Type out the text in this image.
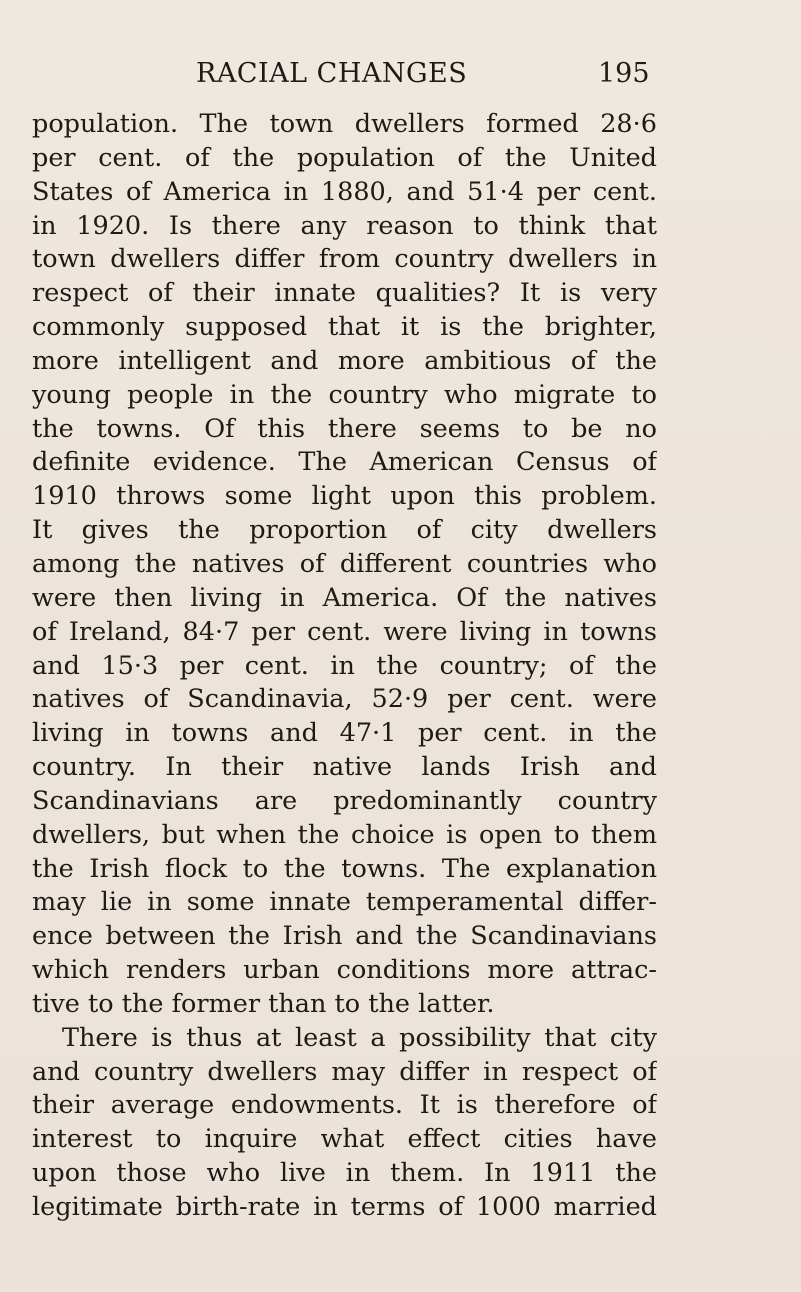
RACIAL CHANGES	195
population. The town dwellers formed 28·6
per cent. of the population of the United
States of America in 1880, and 51·4 per cent.
in 1920. Is there any reason to think that
town dwellers differ from country dwellers in
respect of their innate qualities? It is very
commonly supposed that it is the brighter,
more intelligent and more ambitious of the
young people in the country who migrate to
the towns. Of this there seems to be no
definite evidence. The American Census of
1910 throws some light upon this problem.
It gives the proportion of city dwellers
among the natives of different countries who
were then living in America. Of the natives
of Ireland, 84·7 per cent. were living in towns
and 15·3 per cent. in the country; of the
natives of Scandinavia, 52·9 per cent. were
living in towns and 47·1 per cent. in the
country. In their native lands Irish and
Scandinavians are predominantly country
dwellers, but when the choice is open to them
the Irish flock to the towns. The explanation
may lie in some innate temperamental differ-
ence between the Irish and the Scandinavians
which renders urban conditions more attrac-
tive to the former than to the latter.
There is thus at least a possibility that city
and country dwellers may differ in respect of
their average endowments. It is therefore of
interest to inquire what effect cities have
upon those who live in them. In 1911 the
legitimate birth-rate in terms of 1000 married
